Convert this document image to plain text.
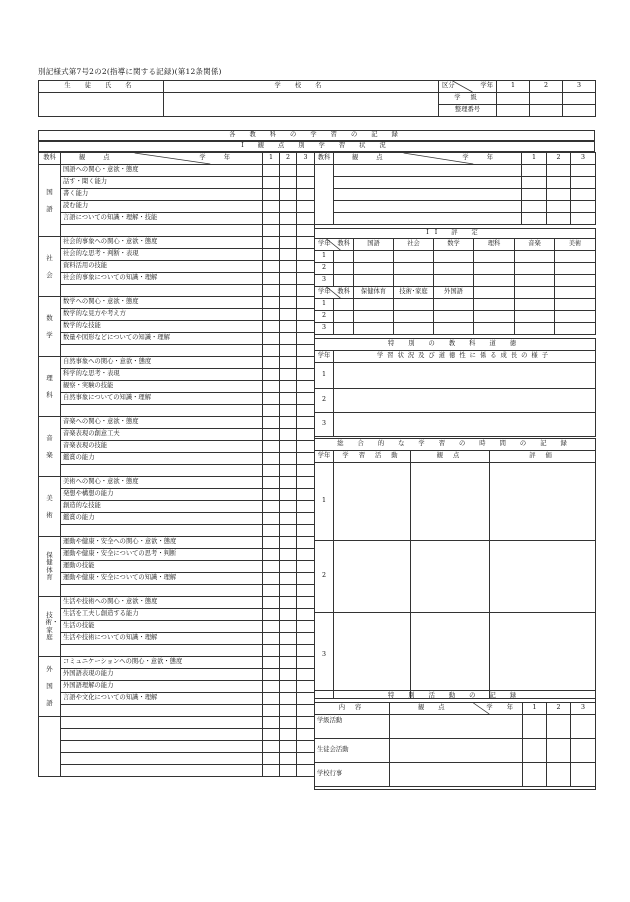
別記様式第7号2の2(指導に関する記録)(第12条関係)
生 徒 氏 名	学 校 名	区分 学年	1	2	3
		学 級			
		整理番号			
各 教 科 の 学 習 の 記 録
I 観 点 別 学 習 状 況
教科	観 点 学 年	1	2	3
国語	国語への関心・意欲・態度			
	話す・聞く能力			
	書く能力			
	読む能力			
	言語についての知識・理解・技能			

社会	社会的事象への関心・意欲・態度			
	社会的な思考・判断・表現			
	資料活用の技能			
	社会的事象についての知識・理解			

数学	数学への関心・意欲・態度			
	数学的な見方や考え方			
	数学的な技能			
	数量や図形などについての知識・理解			

理科	自然事象への関心・意欲・態度			
	科学的な思考・表現			
	観察・実験の技能			
	自然事象についての知識・理解			

音楽	音楽への関心・意欲・態度			
	音楽表現の創意工夫			
	音楽表現の技能			
	鑑賞の能力			

美術	美術への関心・意欲・態度			
	発想や構想の能力			
	創造的な技能			
	鑑賞の能力			

保健体育	運動や健康・安全への関心・意欲・態度			
	運動や健康・安全についての思考・判断			
	運動の技能			
	運動や健康・安全についての知識・理解			

技術・家庭	生活や技術への関心・意欲・態度			
	生活を工夫し創造する能力			
	生活の技能			
	生活や技術についての知識・理解			

外国語	コミュニケーションへの関心・意欲・態度			
	外国語表現の能力			
	外国語理解の能力			
	言語や文化についての知識・理解			

教科	観 点 学 年	1	2	3

II 評 定							

学年 教科		国語	社会	数学	理科	音楽	美術
1							
2							
3							

学年 教科		保健体育	技術･家庭	外国語			
1							
2							
3							
特 別 の 教 科 道 徳	
学年	学習状況及び道徳性に係る成長の様子
1	
2	
3	
総 合 的 な 学 習 の 時 間 の 記 録			
学年	学 習 活 動	観 点	評 価
1			
2			
3			
特 別 活 動 の 記 録				
内 容	観 点 学 年	1	2	3
学級活動				
生徒会活動				
学校行事				
